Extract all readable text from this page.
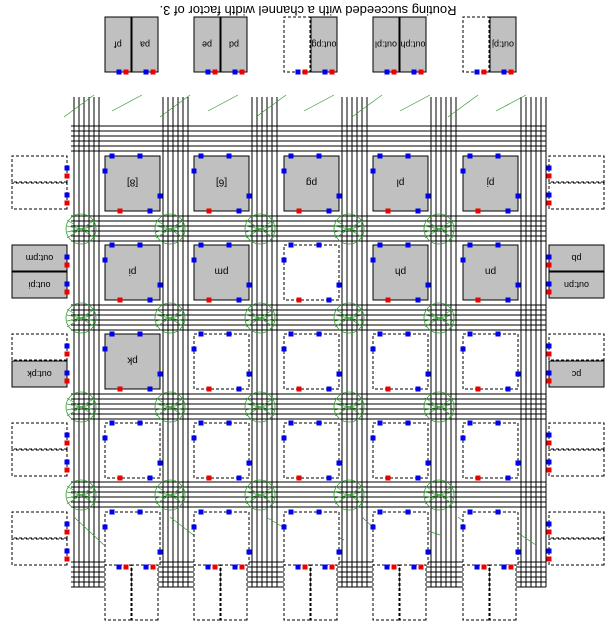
pk
pn
ph
pm
pi
pj
pl
pg
[6]
[8]
out:pj
out:ph
out:pl
out:pg
pd
pe
pa
pf
pc
out:pn
pb
out:pk
out:pi
out:pm
Routing succeeded with a channel width factor of 3.
